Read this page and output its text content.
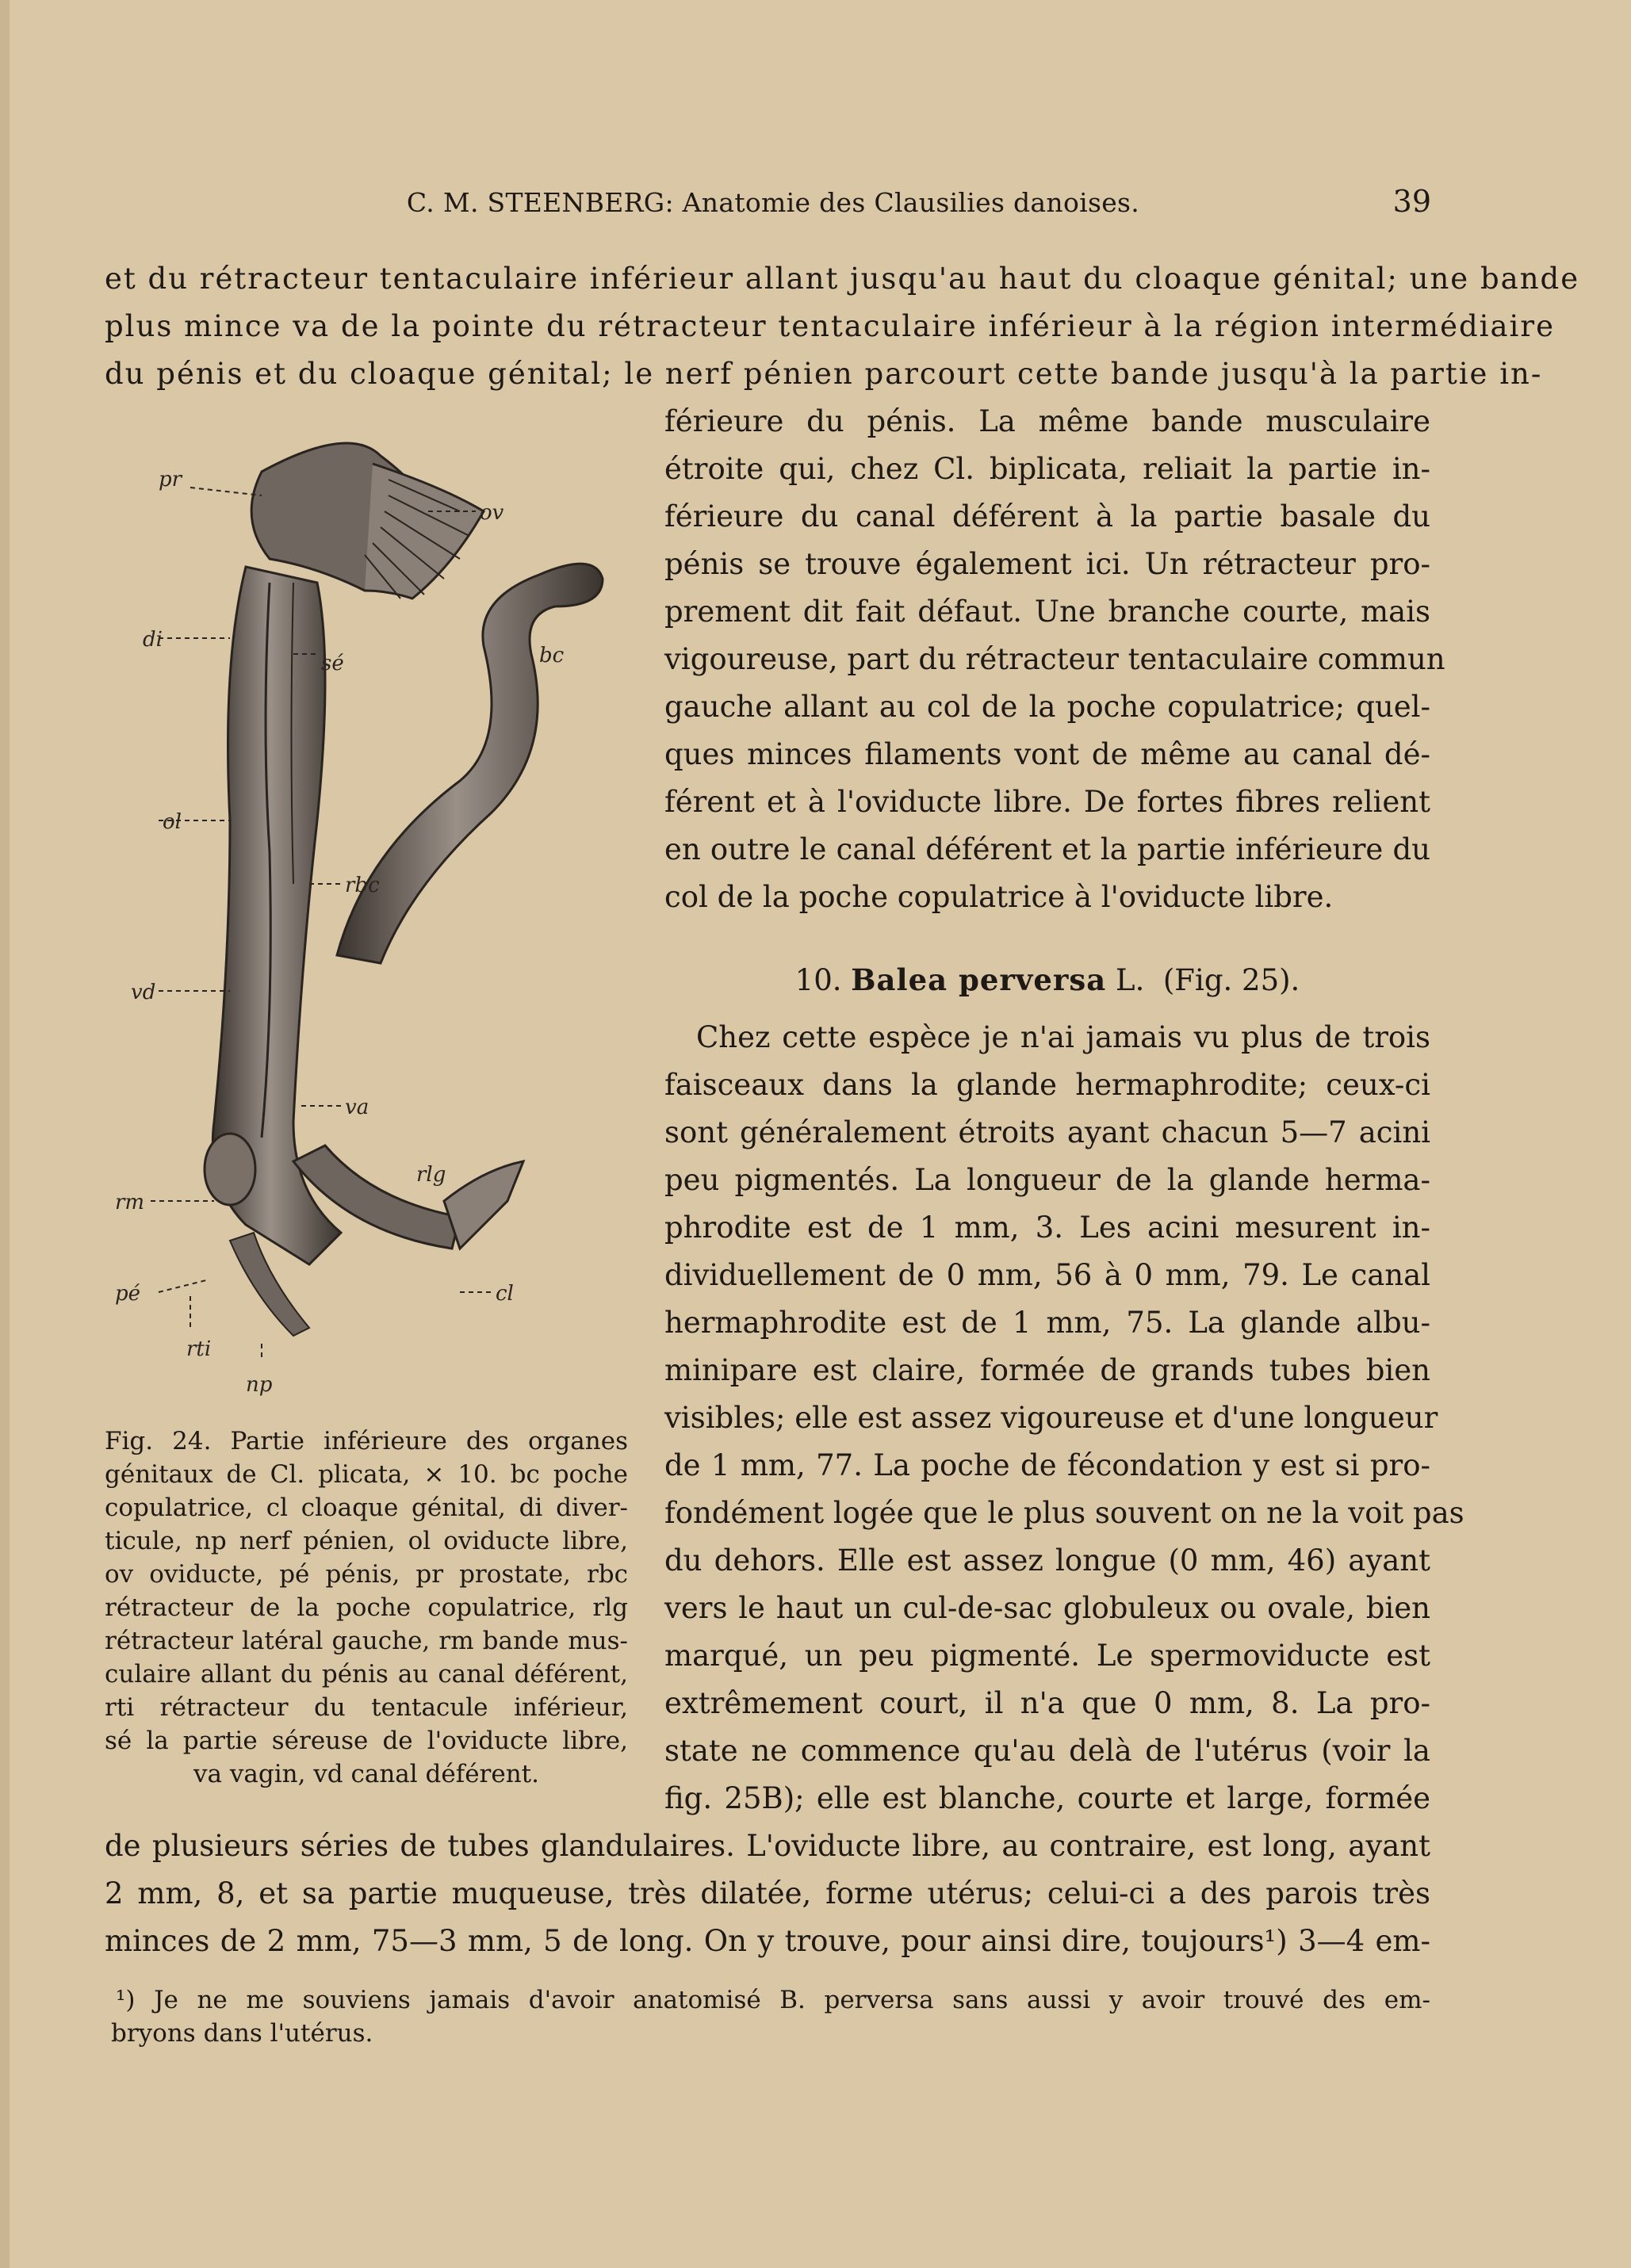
C. M. STEENBERG: Anatomie des Clausilies danoises.	39
et du rétracteur tentaculaire inférieur allant jusqu'au haut du cloaque génital; une bande
plus mince va de la pointe du rétracteur tentaculaire inférieur à la région intermédiaire
du pénis et du cloaque génital; le nerf pénien parcourt cette bande jusqu'à la partie in-
férieure du pénis. La même bande musculaire
étroite qui, chez Cl. biplicata, reliait la partie in-
férieure du canal déférent à la partie basale du
pénis se trouve également ici. Un rétracteur pro-
prement dit fait défaut. Une branche courte, mais
vigoureuse, part du rétracteur tentaculaire commun
gauche allant au col de la poche copulatrice; quel-
ques minces filaments vont de même au canal dé-
férent et à l'oviducte libre. De fortes fibres relient
en outre le canal déférent et la partie inférieure du
col de la poche copulatrice à l'oviducte libre.
10. Balea perversa L. (Fig. 25).
Chez cette espèce je n'ai jamais vu plus de trois
faisceaux dans la glande hermaphrodite; ceux-ci
sont généralement étroits ayant chacun 5—7 acini
peu pigmentés. La longueur de la glande herma-
phrodite est de 1 mm, 3. Les acini mesurent in-
dividuellement de 0 mm, 56 à 0 mm, 79. Le canal
hermaphrodite est de 1 mm, 75. La glande albu-
minipare est claire, formée de grands tubes bien
visibles; elle est assez vigoureuse et d'une longueur
de 1 mm, 77. La poche de fécondation y est si pro-
fondément logée que le plus souvent on ne la voit pas
du dehors. Elle est assez longue (0 mm, 46) ayant
vers le haut un cul-de-sac globuleux ou ovale, bien
marqué, un peu pigmenté. Le spermoviducte est
extrêmement court, il n'a que 0 mm, 8. La pro-
state ne commence qu'au delà de l'utérus (voir la
fig. 25B); elle est blanche, courte et large, formée
de plusieurs séries de tubes glandulaires. L'oviducte libre, au contraire, est long, ayant
2 mm, 8, et sa partie muqueuse, très dilatée, forme utérus; celui-ci a des parois très
minces de 2 mm, 75—3 mm, 5 de long. On y trouve, pour ainsi dire, toujours¹) 3—4 em-
pr
ov
di
sé	bc
ol
rbc
vd
va
rlg
rm
pé	cl
rti
np
Fig. 24. Partie inférieure des organes
génitaux de Cl. plicata, × 10. bc poche
copulatrice, cl cloaque génital, di diver-
ticule, np nerf pénien, ol oviducte libre,
ov oviducte, pé pénis, pr prostate, rbc
rétracteur de la poche copulatrice, rlg
rétracteur latéral gauche, rm bande mus-
culaire allant du pénis au canal déférent,
rti rétracteur du tentacule inférieur,
sé la partie séreuse de l'oviducte libre,
va vagin, vd canal déférent.
¹) Je ne me souviens jamais d'avoir anatomisé B. perversa sans aussi y avoir trouvé des em-
bryons dans l'utérus.
